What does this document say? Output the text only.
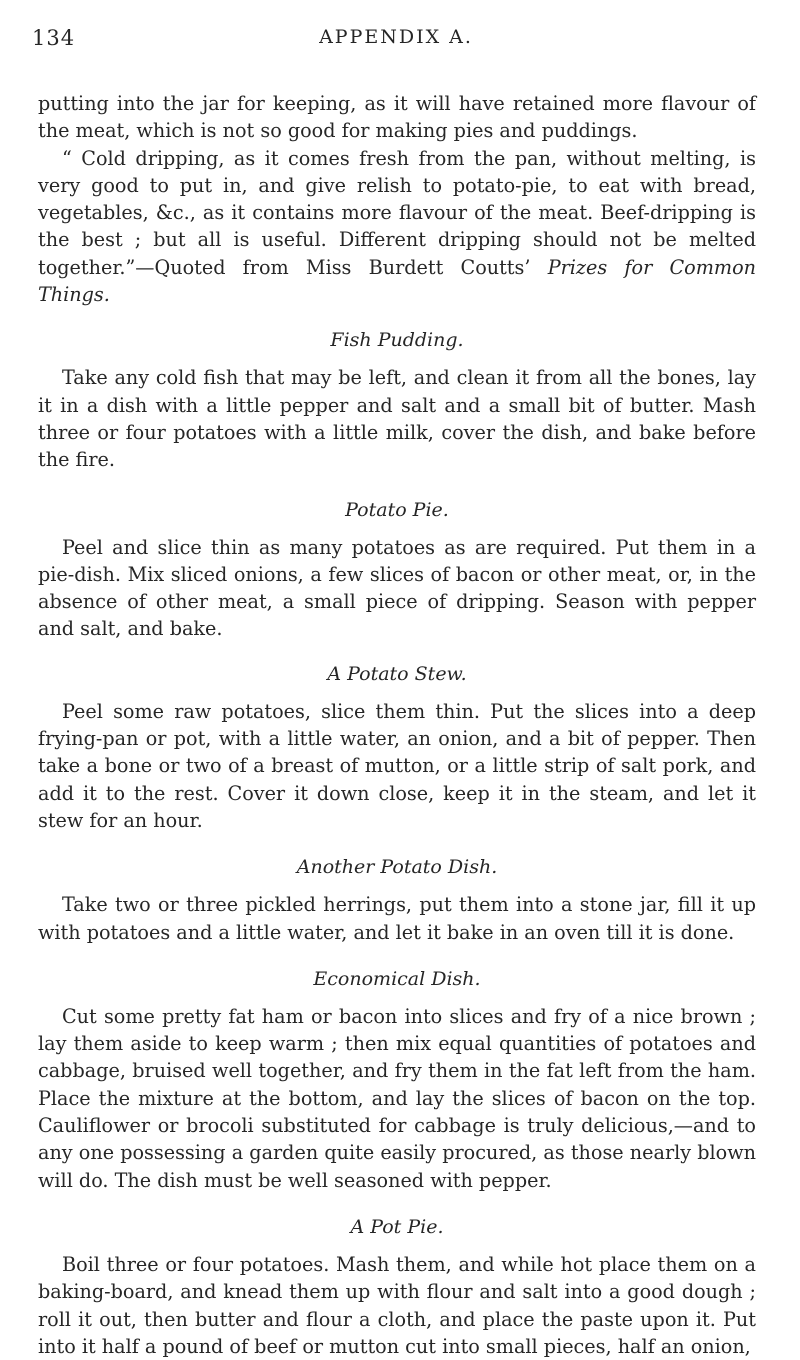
134	APPENDIX A.

putting into the jar for keeping, as it will have retained more flavour of the meat, which is not so good for making pies and puddings.

“ Cold dripping, as it comes fresh from the pan, without melting, is very good to put in, and give relish to potato-pie, to eat with bread, vegetables, &c., as it contains more flavour of the meat. Beef-dripping is the best ; but all is useful. Different dripping should not be melted together.”—Quoted from Miss Burdett Coutts’ Prizes for Common Things.

Fish Pudding.

Take any cold fish that may be left, and clean it from all the bones, lay it in a dish with a little pepper and salt and a small bit of butter. Mash three or four potatoes with a little milk, cover the dish, and bake before the fire.

Potato Pie.

Peel and slice thin as many potatoes as are required. Put them in a pie-dish. Mix sliced onions, a few slices of bacon or other meat, or, in the absence of other meat, a small piece of dripping. Season with pepper and salt, and bake.

A Potato Stew.

Peel some raw potatoes, slice them thin. Put the slices into a deep frying-pan or pot, with a little water, an onion, and a bit of pepper. Then take a bone or two of a breast of mutton, or a little strip of salt pork, and add it to the rest. Cover it down close, keep it in the steam, and let it stew for an hour.

Another Potato Dish.

Take two or three pickled herrings, put them into a stone jar, fill it up with potatoes and a little water, and let it bake in an oven till it is done.

Economical Dish.

Cut some pretty fat ham or bacon into slices and fry of a nice brown ; lay them aside to keep warm ; then mix equal quantities of potatoes and cabbage, bruised well together, and fry them in the fat left from the ham. Place the mixture at the bottom, and lay the slices of bacon on the top. Cauliflower or brocoli substituted for cabbage is truly delicious,—and to any one possessing a garden quite easily procured, as those nearly blown will do. The dish must be well seasoned with pepper.

A Pot Pie.

Boil three or four potatoes. Mash them, and while hot place them on a baking-board, and knead them up with flour and salt into a good dough ; roll it out, then butter and flour a cloth, and place the paste upon it. Put into it half a pound of beef or mutton cut into small pieces, half an onion,
